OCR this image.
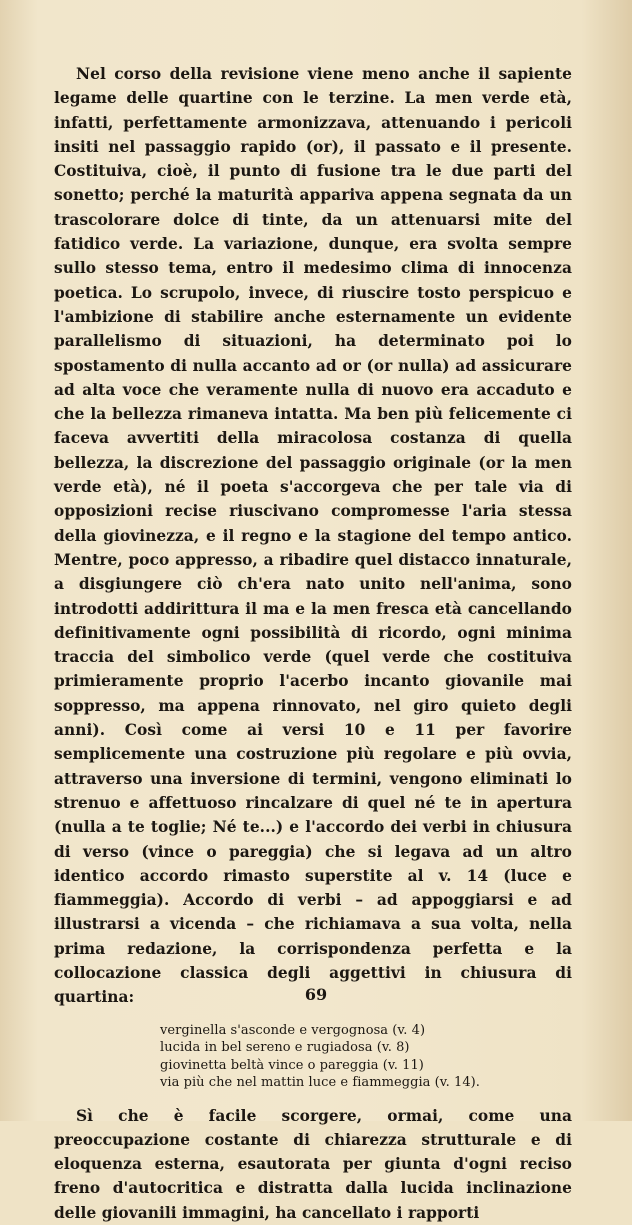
Nel corso della revisione viene meno anche il sapiente legame delle quartine con le terzine. La men verde età, infatti, perfettamente armonizzava, attenuando i pericoli insiti nel passaggio rapido (or), il passato e il presente. Costituiva, cioè, il punto di fusione tra le due parti del sonetto; perché la maturità appariva appena segnata da un trascolorare dolce di tinte, da un attenuarsi mite del fatidico verde. La variazione, dunque, era svolta sempre sullo stesso tema, entro il medesimo clima di innocenza poetica. Lo scrupolo, invece, di riuscire tosto perspicuo e l'ambizione di stabilire anche esternamente un evidente parallelismo di situazioni, ha determinato poi lo spostamento di nulla accanto ad or (or nulla) ad assicurare ad alta voce che veramente nulla di nuovo era accaduto e che la bellezza rimaneva intatta. Ma ben più felicemente ci faceva avvertiti della miracolosa costanza di quella bellezza, la discrezione del passaggio originale (or la men verde età), né il poeta s'accorgeva che per tale via di opposizioni recise riuscivano compromesse l'aria stessa della giovinezza, e il regno e la stagione del tempo antico. Mentre, poco appresso, a ribadire quel distacco innaturale, a disgiungere ciò ch'era nato unito nell'anima, sono introdotti addirittura il ma e la men fresca età cancellando definitivamente ogni possibilità di ricordo, ogni minima traccia del simbolico verde (quel verde che costituiva primieramente proprio l'acerbo incanto giovanile mai soppresso, ma appena rinnovato, nel giro quieto degli anni). Così come ai versi 10 e 11 per favorire semplicemente una costruzione più regolare e più ovvia, attraverso una inversione di termini, vengono eliminati lo strenuo e affettuoso rincalzare di quel né te in apertura (nulla a te toglie; Né te...) e l'accordo dei verbi in chiusura di verso (vince o pareggia) che si legava ad un altro identico accordo rimasto superstite al v. 14 (luce e fiammeggia). Accordo di verbi – ad appoggiarsi e ad illustrarsi a vicenda – che richiamava a sua volta, nella prima redazione, la corrispondenza perfetta e la collocazione classica degli aggettivi in chiusura di quartina:

verginella s'asconde e vergognosa (v. 4)
lucida in bel sereno e rugiadosa (v. 8)
giovinetta beltà vince o pareggia (v. 11)
via più che nel mattin luce e fiammeggia (v. 14).

Sì che è facile scorgere, ormai, come una preoccupazione costante di chiarezza strutturale e di eloquenza esterna, esautorata per giunta d'ogni reciso freno d'autocritica e distratta dalla lucida inclinazione delle giovanili immagini, ha cancellato i rapporti

69
